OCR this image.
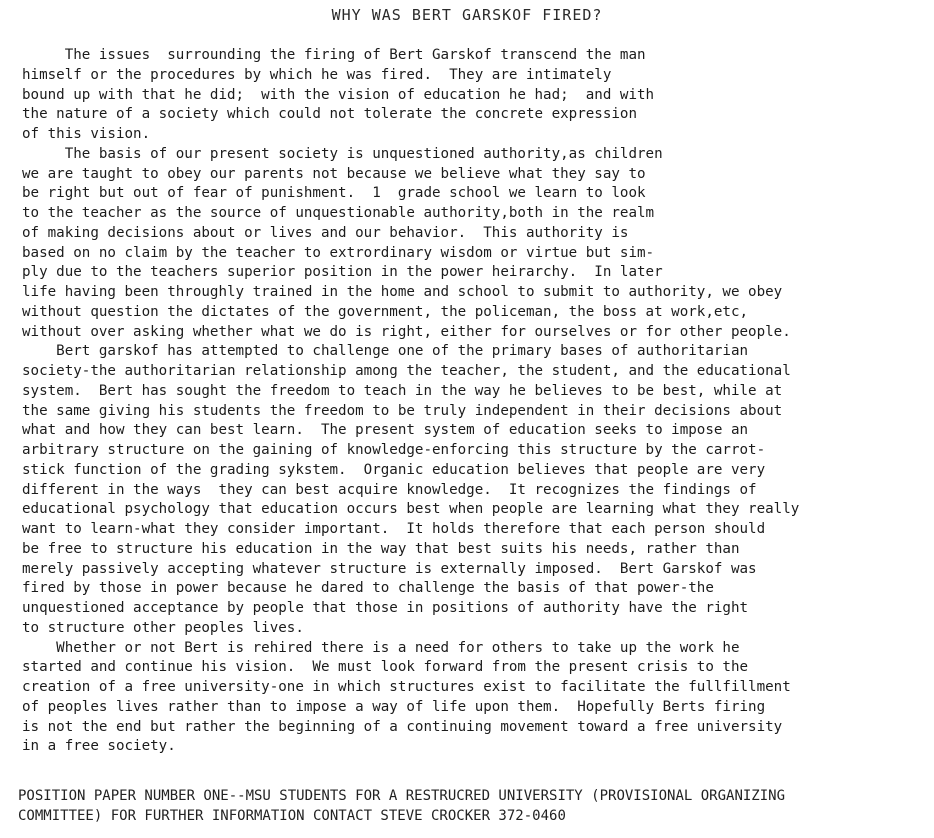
WHY WAS BERT GARSKOF FIRED?
The issues  surrounding the firing of Bert Garskof transcend the man
himself or the procedures by which he was fired.  They are intimately
bound up with that he did;  with the vision of education he had;  and with
the nature of a society which could not tolerate the concrete expression
of this vision.
The basis of our present society is unquestioned authority,as children
we are taught to obey our parents not because we believe what they say to
be right but out of fear of punishment.  1  grade school we learn to look
to the teacher as the source of unquestionable authority,both in the realm
of making decisions about or lives and our behavior.  This authority is
based on no claim by the teacher to extrordinary wisdom or virtue but sim-
ply due to the teachers superior position in the power heirarchy.  In later
life having been throughly trained in the home and school to submit to authority, we obey
without question the dictates of the government, the policeman, the boss at work,etc,
without over asking whether what we do is right, either for ourselves or for other people.
Bert garskof has attempted to challenge one of the primary bases of authoritarian
society-the authoritarian relationship among the teacher, the student, and the educational
system.  Bert has sought the freedom to teach in the way he believes to be best, while at
the same giving his students the freedom to be truly independent in their decisions about
what and how they can best learn.  The present system of education seeks to impose an
arbitrary structure on the gaining of knowledge-enforcing this structure by the carrot-
stick function of the grading sykstem.  Organic education believes that people are very
different in the ways  they can best acquire knowledge.  It recognizes the findings of
educational psychology that education occurs best when people are learning what they really
want to learn-what they consider important.  It holds therefore that each person should
be free to structure his education in the way that best suits his needs, rather than
merely passively accepting whatever structure is externally imposed.  Bert Garskof was
fired by those in power because he dared to challenge the basis of that power-the
unquestioned acceptance by people that those in positions of authority have the right
to structure other peoples lives.
Whether or not Bert is rehired there is a need for others to take up the work he
started and continue his vision.  We must look forward from the present crisis to the
creation of a free university-one in which structures exist to facilitate the fullfillment
of peoples lives rather than to impose a way of life upon them.  Hopefully Berts firing
is not the end but rather the beginning of a continuing movement toward a free university
in a free society.
POSITION PAPER NUMBER ONE--MSU STUDENTS FOR A RESTRUCRED UNIVERSITY (PROVISIONAL ORGANIZING
COMMITTEE) FOR FURTHER INFORMATION CONTACT STEVE CROCKER 372-0460
